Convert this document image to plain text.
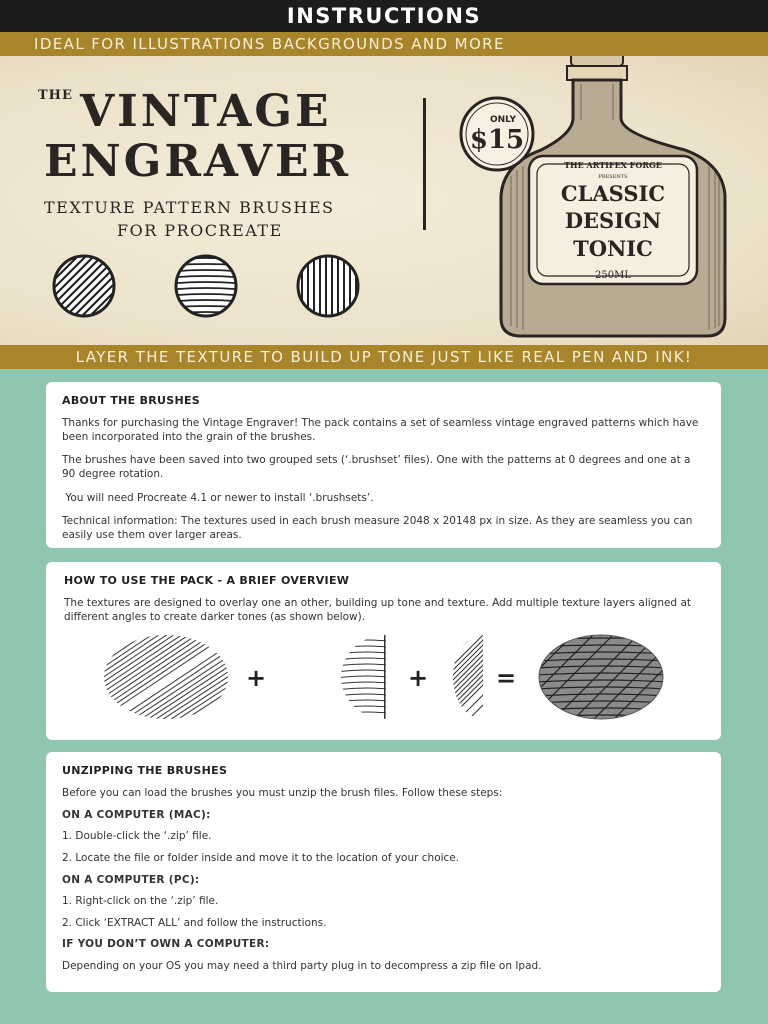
INSTRUCTIONS
IDEAL FOR ILLUSTRATIONS BACKGROUNDS AND MORE
THE VINTAGE
ENGRAVER
TEXTURE PATTERN BRUSHES
FOR PROCREATE
THE ARTIFEX FORGE
PRESENTS
CLASSIC
DESIGN
TONIC
250ML
ONLY
$15
LAYER THE TEXTURE TO BUILD UP TONE JUST LIKE REAL PEN AND INK!
ABOUT THE BRUSHES

Thanks for purchasing the Vintage Engraver! The pack contains a set of seamless vintage engraved patterns which have been incorporated into the grain of the brushes.

The brushes have been saved into two grouped sets (‘.brushset’ files). One with the patterns at 0 degrees and one at a 90 degree rotation.

You will need Procreate 4.1 or newer to install ‘.brushsets’.

Technical information: The textures used in each brush measure 2048 x 20148 px in size. As they are seamless you can easily use them over larger areas.

HOW TO USE THE PACK - A BRIEF OVERVIEW

The textures are designed to overlay one an other, building up tone and texture. Add multiple texture layers aligned at different angles to create darker tones (as shown below).

+	+	=
UNZIPPING THE BRUSHES

Before you can load the brushes you must unzip the brush files. Follow these steps:

ON A COMPUTER (MAC):

1. Double-click the ‘.zip’ file.

2. Locate the file or folder inside and move it to the location of your choice.

ON A COMPUTER (PC):

1. Right-click on the ‘.zip’ file.

2. Click ‘EXTRACT ALL’ and follow the instructions.

IF YOU DON’T OWN A COMPUTER:

Depending on your OS you may need a third party plug in to decompress a zip file on Ipad.
